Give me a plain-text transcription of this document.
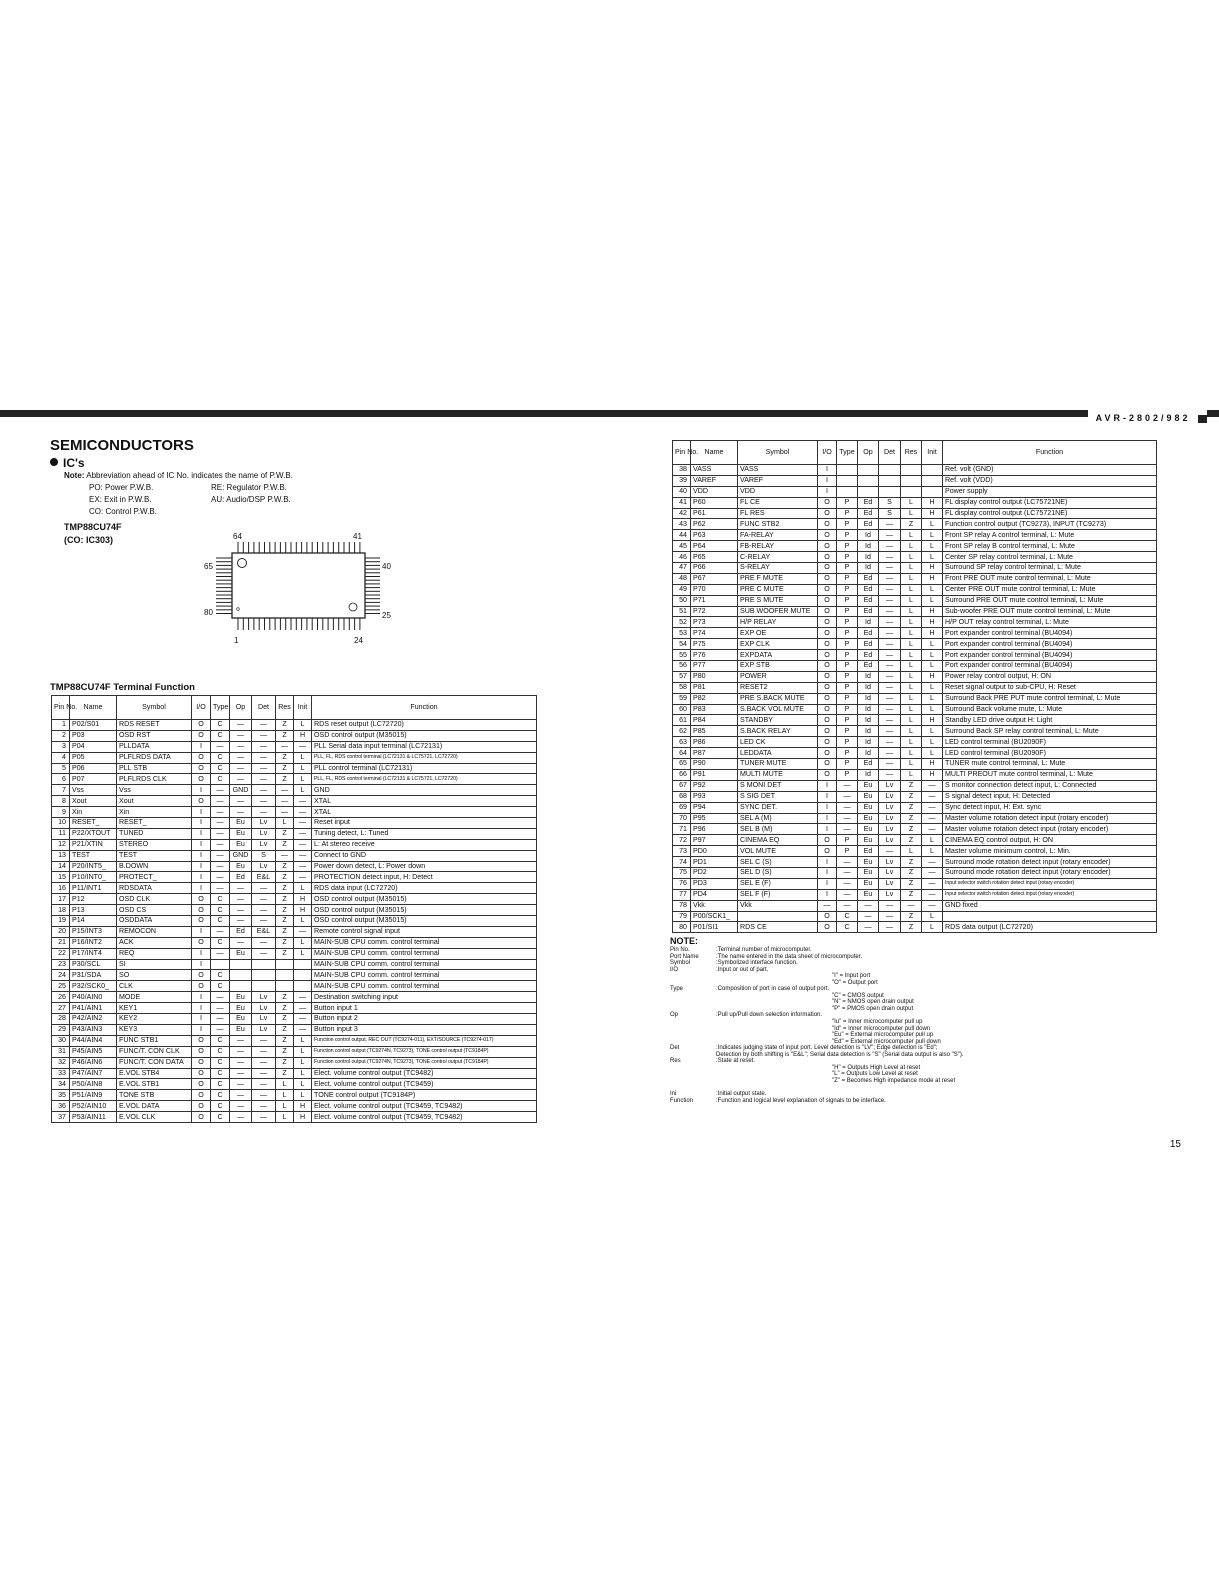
AVR-2802/982
SEMICONDUCTORS
IC's
Note: Abbreviation ahead of IC No. indicates the name of P.W.B.
PO: Power P.W.B.	RE: Regulator P.W.B.
EX: Exit in P.W.B.	AU: Audio/DSP P.W.B.
CO: Control P.W.B.
TMP88CU74F
(CO: IC303)	64	41
65	40
80	25
1	24
TMP88CU74F Terminal Function
Pin No.	Name	Symbol	I/O	Type	Op	Det	Res	Init	Function
1	P02/S01	RDS RESET	O	C	—	—	Z	L	RDS reset output (LC72720)
2	P03	OSD RST	O	C	—	—	Z	H	OSD control output (M35015)
3	P04	PLLDATA	I	—	—	—	—	—	PLL Serial data input terminal (LC72131)
4	P05	PLFLRDS DATA	O	C	—	—	Z	L	PLL, FL, RDS control terminal (LC72131 & LC75721, LC72720)
5	P06	PLL STB	O	C	—	—	Z	L	PLL control terminal (LC72131)
6	P07	PLFLRDS CLK	O	C	—	—	Z	L	PLL, FL, RDS control terminal (LC72131 & LC75721, LC72720)
7	Vss	Vss	I	—	GND	—	—	L	GND
8	Xout	Xout	O	—	—	—	—	—	XTAL
9	Xin	Xin	I	—	—	—	—	—	XTAL
10	RESET_	RESET_	I	—	Eu	Lv	L	—	Reset input
11	P22/XTOUT	TUNED	I	—	Eu	Lv	Z	—	Tuning detect, L: Tuned
12	P21/XTIN	STEREO	I	—	Eu	Lv	Z	—	L: At stereo receive
13	TEST	TEST	I	—	GND	S	—	—	Connect to GND
14	P20/INT5_	B.DOWN	I	—	Eu	Lv	Z	—	Power down detect, L: Power down
15	P10/INT0_	PROTECT_	I	—	Ed	E&L	Z	—	PROTECTION detect input, H: Detect
16	P11/INT1	RDSDATA	I	—	—	—	Z	L	RDS data input (LC72720)
17	P12	OSD CLK	O	C	—	—	Z	H	OSD control output (M35015)
18	P13	OSD CS	O	C	—	—	Z	H	OSD control output (M35015)
19	P14	OSDDATA	O	C	—	—	Z	L	OSD control output (M35015)
20	P15/INT3	REMOCON	I	—	Ed	E&L	Z	—	Remote control signal input
21	P16/INT2	ACK	O	C	—	—	Z	L	MAIN-SUB CPU comm. control terminal
22	P17/INT4	REQ	I	—	Eu	—	Z	L	MAIN-SUB CPU comm. control terminal
23	P30/SCL	SI	I						MAIN-SUB CPU comm. control terminal
24	P31/SDA	SO	O	C					MAIN-SUB CPU comm. control terminal
25	P32/SCK0_	CLK	O	C					MAIN-SUB CPU comm. control terminal
26	P40/AIN0	MODE	I	—	Eu	Lv	Z	—	Destination switching input
27	P41/AIN1	KEY1	I	—	Eu	Lv	Z	—	Button input 1
28	P42/AIN2	KEY2	I	—	Eu	Lv	Z	—	Button input 2
29	P43/AIN3	KEY3	I	—	Eu	Lv	Z	—	Button input 3
30	P44/AIN4	FUNC STB1	O	C	—	—	Z	L	Function control output, REC OUT (TC9274-011), EXT/SOURCE (TC9274-017)
31	P45/AIN5	FUNC/T. CON CLK	O	C	—	—	Z	L	Function control output (TC9274N, TC9273), TONE control output (TC9184P)
32	P46/AIN6	FUNC/T. CON DATA	O	C	—	—	Z	L	Function control output (TC9274N, TC9273), TONE control output (TC9184P)
33	P47/AIN7	E.VOL STB4	O	C	—	—	Z	L	Elect. volume control output (TC9482)
34	P50/AIN8	E.VOL STB1	O	C	—	—	L	L	Elect. volume control output (TC9459)
35	P51/AIN9	TONE STB	O	C	—	—	L	L	TONE control output (TC9184P)
36	P52/AIN10	E.VOL DATA	O	C	—	—	L	H	Elect. volume control output (TC9459, TC9482)
37	P53/AIN11	E.VOL CLK	O	C	—	—	L	H	Elect. volume control output (TC9459, TC9482)
Pin No.	Name	Symbol	I/O	Type	Op	Det	Res	Init	Function
38	VASS	VASS	I						Ref. volt (GND)
39	VAREF	VAREF	I						Ref. volt (VDD)
40	VDD	VDD	I						Power supply
41	P60	FL CE	O	P	Ed	S	L	H	FL display control output (LC75721NE)
42	P61	FL RES	O	P	Ed	S	L	H	FL display control output (LC75721NE)
43	P62	FUNC STB2	O	P	Ed	—	Z	L	Function control output (TC9273), INPUT (TC9273)
44	P63	FA-RELAY	O	P	Id	—	L	L	Front SP relay A control terminal, L: Mute
45	P64	FB-RELAY	O	P	Id	—	L	L	Front SP relay B control terminal, L: Mute
46	P65	C-RELAY	O	P	Id	—	L	L	Center SP relay control terminal, L: Mute
47	P66	S-RELAY	O	P	Id	—	L	H	Surround SP relay control terminal, L: Mute
48	P67	PRE F MUTE	O	P	Ed	—	L	H	Front PRE OUT mute control terminal, L: Mute
49	P70	PRE C MUTE	O	P	Ed	—	L	L	Center PRE OUT mute control terminal, L: Mute
50	P71	PRE S MUTE	O	P	Ed	—	L	L	Surround PRE OUT mute control terminal, L: Mute
51	P72	SUB WOOFER MUTE	O	P	Ed	—	L	H	Sub-woofer PRE OUT mute control terminal, L: Mute
52	P73	H/P RELAY	O	P	Id	—	L	H	H/P OUT relay control terminal, L: Mute
53	P74	EXP OE	O	P	Ed	—	L	H	Port expander control terminal (BU4094)
54	P75	EXP CLK	O	P	Ed	—	L	L	Port expander control terminal (BU4094)
55	P76	EXPDATA	O	P	Ed	—	L	L	Port expander control terminal (BU4094)
56	P77	EXP STB	O	P	Ed	—	L	L	Port expander control terminal (BU4094)
57	P80	POWER	O	P	Id	—	L	H	Power relay control output, H: ON
58	P81	RESET2	O	P	Id	—	L	L	Reset signal output to sub-CPU, H: Reset
59	P82	PRE S.BACK MUTE	O	P	Id	—	L	L	Surround Back PRE PUT mute control terminal, L: Mute
60	P83	S.BACK VOL MUTE	O	P	Id	—	L	L	Surround Back volume mute, L: Mute
61	P84	STANDBY	O	P	Id	—	L	H	Standby LED drive output H: Light
62	P85	S.BACK RELAY	O	P	Id	—	L	L	Surround Back SP relay control terminal, L: Mute
63	P86	LED CK	O	P	Id	—	L	L	LED control terminal (BU2090F)
64	P87	LEDDATA	O	P	Id	—	L	L	LED control terminal (BU2090F)
65	P90	TUNER MUTE	O	P	Ed	—	L	H	TUNER mute control terminal, L: Mute
66	P91	MULTI MUTE	O	P	Id	—	L	H	MULTI PREOUT mute control terminal, L: Mute
67	P92	S MONI DET	I	—	Eu	Lv	Z	—	S monitor connection detect input, L: Connected
68	P93	S SIG DET	I	—	Eu	Lv	Z	—	S signal detect input, H: Detected
69	P94	SYNC DET.	I	—	Eu	Lv	Z	—	Sync detect input, H: Ext. sync
70	P95	SEL A (M)	I	—	Eu	Lv	Z	—	Master volume rotation detect input (rotary encoder)
71	P96	SEL B (M)	I	—	Eu	Lv	Z	—	Master volume rotation detect input (rotary encoder)
72	P97	CINEMA EQ	O	P	Eu	Lv	Z	L	CINEMA EQ control output, H: ON
73	PD0	VOL MUTE	O	P	Ed	—	L	L	Master volume minimum control, L: Min.
74	PD1	SEL C (S)	I	—	Eu	Lv	Z	—	Surround mode rotation detect input (rotary encoder)
75	PD2	SEL D (S)	I	—	Eu	Lv	Z	—	Surround mode rotation detect input (rotary encoder)
76	PD3	SEL E (F)	I	—	Eu	Lv	Z	—	Input selector switch rotation detect input (rotary encoder)
77	PD4	SEL F (F)	I	—	Eu	Lv	Z	—	Input selector switch rotation detect input (rotary encoder)
78	Vkk	Vkk	—	—	—	—	—	—	GND fixed
79	P00/SCK1_		O	C	—	—	Z	L	
80	P01/SI1	RDS CE	O	C	—	—	Z	L	RDS data output (LC72720)
NOTE:
Pin No.	:Terminal number of microcomputer.
Port Name	:The name entered in the data sheet of microcomputer.
Symbol	:Symbolized interface function.
I/O	:Input or out of part.
"I" = Input port
"O" = Output port
Type	:Composition of port in case of output port.
"C" = CMOS output
"N" = NMOS open drain output
"P" = PMOS open drain output
Op	:Pull up/Pull down selection information.
"Iu" = Inner microcomputer pull up
"Id" = Inner microcomputer pull down
"Eu" = External microcomputer pull up
"Ed" = External microcomputer pull down
Det	:Indicates judging state of input port. Level detection is "LV"; Edge detection is "Ed";
Detection by both shifting is "E&L"; Serial data detection is "S" (Serial data output is also "S").
Res	:State at reset.
"H" = Outputs High Level at reset
"L" = Outputs Low Level at reset
"Z" = Becomes High impedance mode at reset
Ini	:Initial output state.
Function	:Function and logical level explanation of signals to be interface.
15
